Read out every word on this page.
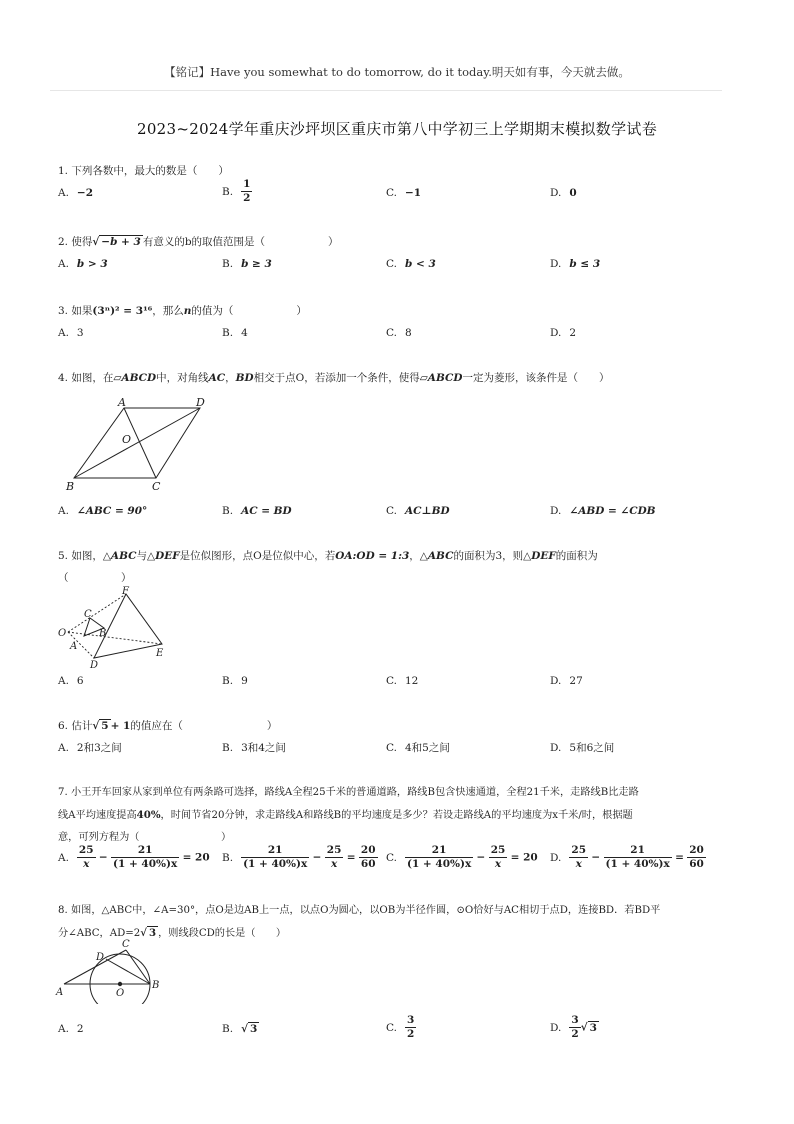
【铭记】Have you somewhat to do tomorrow, do it today.明天如有事，今天就去做。
2023~2024学年重庆沙坪坝区重庆市第八中学初三上学期期末模拟数学试卷

1. 下列各数中，最大的数是（　　）

A. −2	B. $\frac{1}{2}$	C. −1	D. 0

2. 使得√ −b + 3 有意义的b的取值范围是（　　　　　　）

A. b > 3	B. b ≥ 3	C. b < 3	D. b ≤ 3

3. 如果(3ⁿ)² = 3¹⁶，那么n的值为（　　　　　　）

A. 3	B. 4	C. 8	D. 2

4. 如图，在▱ABCD中，对角线AC，BD相交于点O，若添加一个条件，使得▱ABCD一定为菱形，该条件是（　　）

A	D
O
B	C
A. ∠ABC = 90°	B. AC = BD	C. AC⊥BD	D. ∠ABD = ∠CDB

5. 如图，△ABC与△DEF是位似图形，点O是位似中心，若OA:OD = 1:3，△ABC的面积为3，则△DEF的面积为

（　　　　　）

O
A
B
C
D
E
F
A. 6	B. 9	C. 12	D. 27

6. 估计√ 5 + 1的值应在（　　　　　　　　）

A. 2和3之间	B. 3和4之间	C. 4和5之间	D. 5和6之间

7. 小王开车回家从家到单位有两条路可选择，路线A全程25千米的普通道路，路线B包含快速通道，全程21千米，走路线B比走路

线A平均速度提高40%，时间节省20分钟，求走路线A和路线B的平均速度是多少？若设走路线A的平均速度为x千米/时，根据题

意，可列方程为（　　　　　　　　）

A. $\frac{25}{x} - \frac{21}{(1 + 40\%)x} = 20$ B. $\frac{21}{(1 + 40\%)x} - \frac{25}{x} = \frac{20}{60} C$. $\frac{21}{(1 + 40\%)x} - \frac{25}{x} = 20$ D. $\frac{25}{x} - \frac{21}{(1 + 40\%)x} = \frac{20}{60}$

8. 如图，△ABC中，∠A=30°，点O是边AB上一点，以点O为圆心，以OB为半径作圆，⊙O恰好与AC相切于点D，连接BD．若BD平

分∠ABC，AD=2√ 3 ，则线段CD的长是（　　）

A
B
C
D
O
A. 2	B. √ 3	C. $\frac{3}{2}$	D. $\frac{3}{2}$ √ 3
